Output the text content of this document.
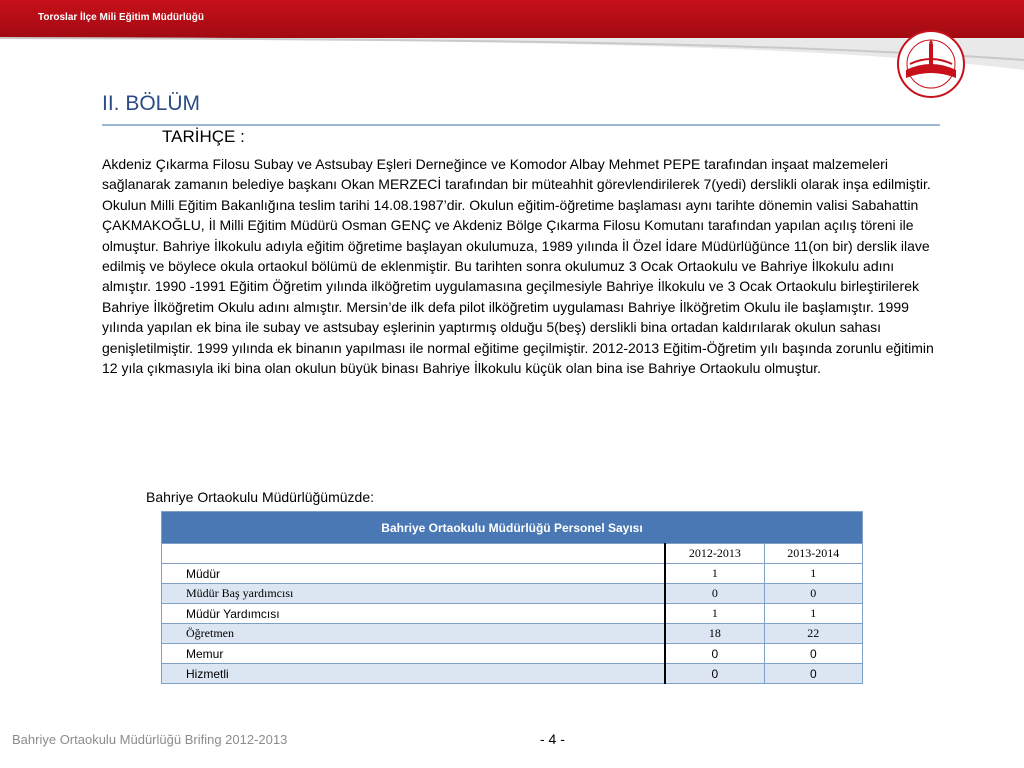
Toroslar İlçe Mili Eğitim Müdürlüğü
II. BÖLÜM
TARİHÇE :
Akdeniz Çıkarma Filosu Subay ve Astsubay Eşleri Derneğince ve Komodor Albay Mehmet PEPE tarafından inşaat malzemeleri sağlanarak zamanın belediye başkanı Okan MERZECİ tarafından bir müteahhit görevlendirilerek 7(yedi) derslikli olarak inşa edilmiştir. Okulun Milli Eğitim Bakanlığına teslim tarihi 14.08.1987’dir. Okulun eğitim-öğretime başlaması aynı tarihte dönemin valisi Sabahattin ÇAKMAKOĞLU, İl Milli Eğitim Müdürü Osman GENÇ ve Akdeniz Bölge Çıkarma Filosu Komutanı tarafından yapılan açılış töreni ile olmuştur. Bahriye İlkokulu adıyla eğitim öğretime başlayan okulumuza, 1989 yılında İl Özel İdare Müdürlüğünce 11(on bir) derslik ilave edilmiş ve böylece okula ortaokul bölümü de eklenmiştir. Bu tarihten sonra okulumuz 3 Ocak Ortaokulu ve Bahriye İlkokulu adını almıştır. 1990 -1991 Eğitim Öğretim yılında ilköğretim uygulamasına geçilmesiyle Bahriye İlkokulu ve 3 Ocak Ortaokulu birleştirilerek Bahriye İlköğretim Okulu adını almıştır. Mersin’de ilk defa pilot ilköğretim uygulaması Bahriye İlköğretim Okulu ile başlamıştır. 1999 yılında yapılan ek bina ile subay ve astsubay eşlerinin yaptırmış olduğu 5(beş) derslikli bina ortadan kaldırılarak okulun sahası genişletilmiştir. 1999 yılında ek binanın yapılması ile normal eğitime geçilmiştir. 2012-2013 Eğitim-Öğretim yılı başında zorunlu eğitimin 12 yıla çıkmasıyla iki bina olan okulun büyük binası Bahriye İlkokulu küçük olan bina ise Bahriye Ortaokulu olmuştur.
Bahriye Ortaokulu Müdürlüğümüzde:
Bahriye Ortaokulu Müdürlüğü Personel Sayısı		
	2012-2013	2013-2014
Müdür	1	1
Müdür Baş yardımcısı	0	0
Müdür Yardımcısı	1	1
Öğretmen	18	22
Memur	0	0
Hizmetli	0	0
Bahriye Ortaokulu Müdürlüğü Brifing 2012-2013	- 4 -
